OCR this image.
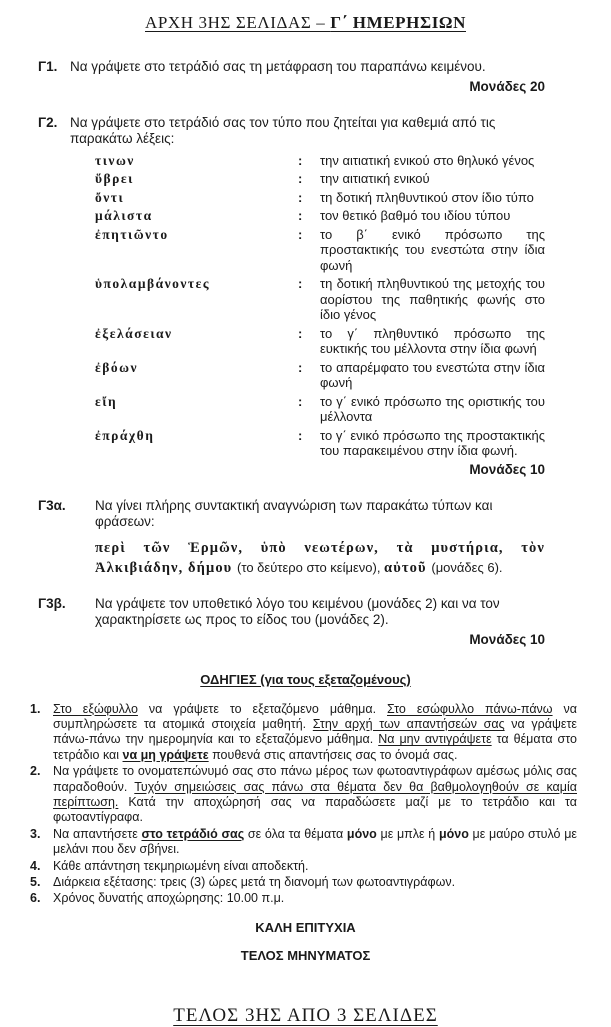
ΑΡΧΗ 3ΗΣ ΣΕΛΙΔΑΣ – Γ΄ ΗΜΕΡΗΣΙΩΝ
Γ1. Να γράψετε στο τετράδιό σας τη μετάφραση του παραπάνω κειμένου.
Μονάδες 20
Γ2. Να γράψετε στο τετράδιό σας τον τύπο που ζητείται για καθεμιά από τις παρακάτω λέξεις:
τινων	:	την αιτιατική ενικού στο θηλυκό γένος
ὕβρει	:	την αιτιατική ενικού
ὄντι	:	τη δοτική πληθυντικού στον ίδιο τύπο
μάλιστα	:	τον θετικό βαθμό του ιδίου τύπου
ἐπητιῶντο	:	το β΄ ενικό πρόσωπο της προστακτικής του ενεστώτα στην ίδια φωνή
ὑπολαμβάνοντες	:	τη δοτική πληθυντικού της μετοχής του αορίστου της παθητικής φωνής στο ίδιο γένος
ἐξελάσειαν	:	το γ΄ πληθυντικό πρόσωπο της ευκτικής του μέλλοντα στην ίδια φωνή
ἐβόων	:	το απαρέμφατο του ενεστώτα στην ίδια φωνή
εἴη	:	το γ΄ ενικό πρόσωπο της οριστικής του μέλλοντα
ἐπράχθη	:	το γ΄ ενικό πρόσωπο της προστακτικής του παρακειμένου στην ίδια φωνή.
Μονάδες 10
Γ3α.	Να γίνει πλήρης συντακτική αναγνώριση των παρακάτω τύπων και φράσεων:
περὶ τῶν Ἑρμῶν, ὑπὸ νεωτέρων, τὰ μυστήρια, τὸν Ἀλκιβιάδην, δήμου (το δεύτερο στο κείμενο), αὐτοῦ (μονάδες 6).
Γ3β.	Να γράψετε τον υποθετικό λόγο του κειμένου (μονάδες 2) και να τον χαρακτηρίσετε ως προς το είδος του (μονάδες 2).
Μονάδες 10
ΟΔΗΓΙΕΣ (για τους εξεταζομένους)
1.	Στο εξώφυλλο να γράψετε το εξεταζόμενο μάθημα. Στο εσώφυλλο πάνω-πάνω να συμπληρώσετε τα ατομικά στοιχεία μαθητή. Στην αρχή των απαντήσεών σας να γράψετε πάνω-πάνω την ημερομηνία και το εξεταζόμενο μάθημα. Να μην αντιγράψετε τα θέματα στο τετράδιο και να μη γράψετε πουθενά στις απαντήσεις σας το όνομά σας.
2.	Να γράψετε το ονοματεπώνυμό σας στο πάνω μέρος των φωτοαντιγράφων αμέσως μόλις σας παραδοθούν. Τυχόν σημειώσεις σας πάνω στα θέματα δεν θα βαθμολογηθούν σε καμία περίπτωση. Κατά την αποχώρησή σας να παραδώσετε μαζί με το τετράδιο και τα φωτοαντίγραφα.
3.	Να απαντήσετε στο τετράδιό σας σε όλα τα θέματα μόνο με μπλε ή μόνο με μαύρο στυλό με μελάνι που δεν σβήνει.
4.	Κάθε απάντηση τεκμηριωμένη είναι αποδεκτή.
5.	Διάρκεια εξέτασης: τρεις (3) ώρες μετά τη διανομή των φωτοαντιγράφων.
6.	Χρόνος δυνατής αποχώρησης: 10.00 π.μ.
ΚΑΛΗ ΕΠΙΤΥΧΙΑ
ΤΕΛΟΣ ΜΗΝΥΜΑΤΟΣ
ΤΕΛΟΣ 3ΗΣ ΑΠΟ 3 ΣΕΛΙΔΕΣ
